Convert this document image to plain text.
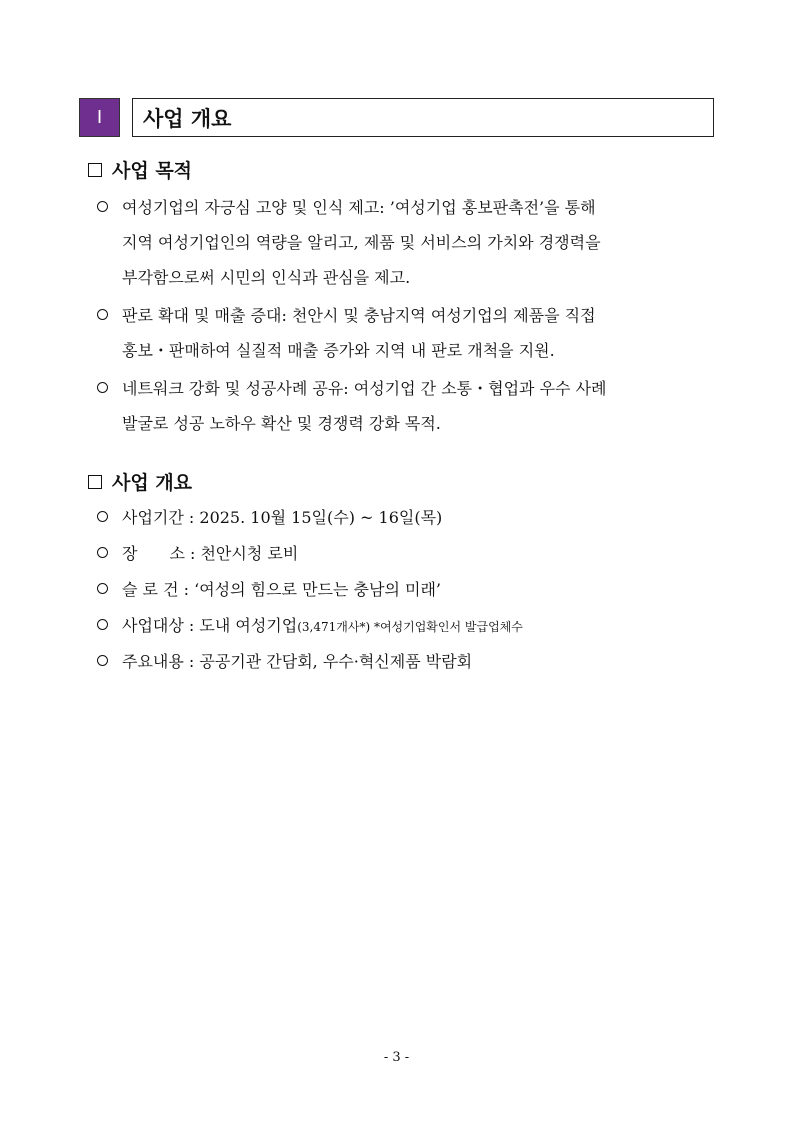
Ⅰ	사업 개요
사업 목적
여성기업의 자긍심 고양 및 인식 제고: ’여성기업 홍보판촉전’을 통해
지역 여성기업인의 역량을 알리고, 제품 및 서비스의 가치와 경쟁력을
부각함으로써 시민의 인식과 관심을 제고.
판로 확대 및 매출 증대: 천안시 및 충남지역 여성기업의 제품을 직접
홍보・판매하여 실질적 매출 증가와 지역 내 판로 개척을 지원.
네트워크 강화 및 성공사례 공유: 여성기업 간 소통・협업과 우수 사례
발굴로 성공 노하우 확산 및 경쟁력 강화 목적.
사업 개요
사업기간 : 2025. 10월 15일(수) ~ 16일(목)
장　　소 : 천안시청 로비
슬 로 건 : ‘여성의 힘으로 만드는 충남의 미래’
사업대상 : 도내 여성기업(3,471개사*) *여성기업확인서 발급업체수
주요내용 : 공공기관 간담회, 우수·혁신제품 박람회
- 3 -
